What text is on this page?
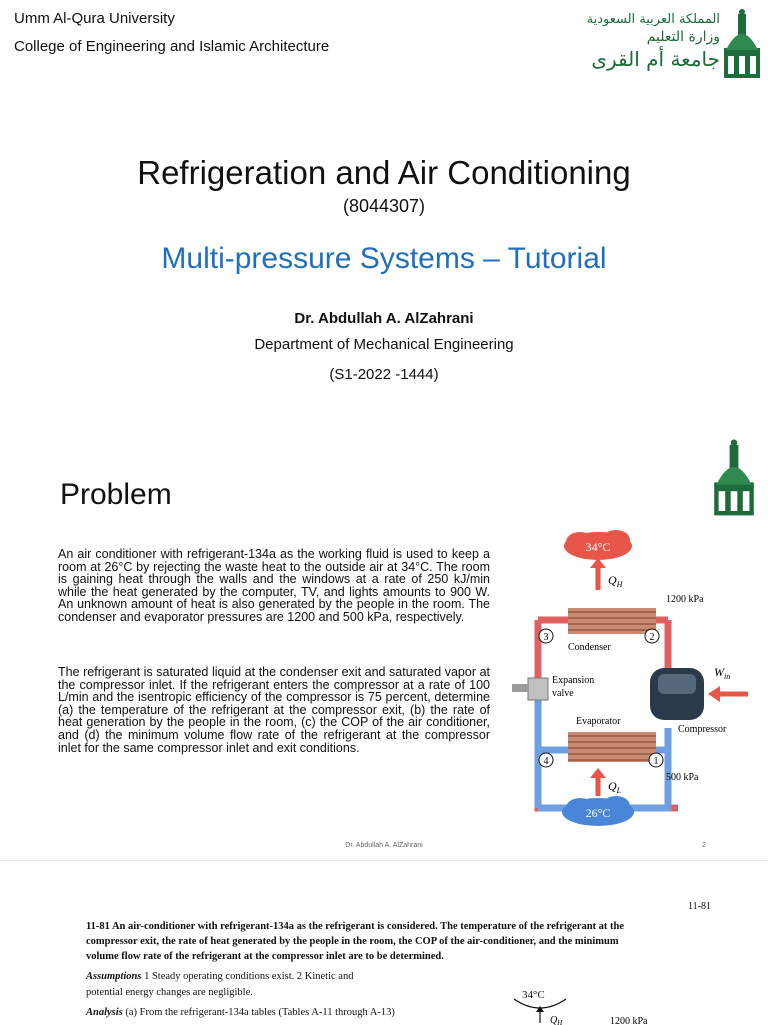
Umm Al-Qura University
College of Engineering and Islamic Architecture
المملكة العربية السعودية
وزارة التعليم
جامعة أم القرى
Refrigeration and Air Conditioning
(8044307)
Multi-pressure Systems – Tutorial
Dr. Abdullah A. AlZahrani
Department of Mechanical Engineering
(S1-2022 -1444)
Problem

An air conditioner with refrigerant-134a as the working fluid is used to keep a room at 26°C by rejecting the waste heat to the outside air at 34°C. The room is gaining heat through the walls and the windows at a rate of 250 kJ/min while the heat generated by the computer, TV, and lights amounts to 900 W. An unknown amount of heat is also generated by the people in the room. The condenser and evaporator pressures are 1200 and 500 kPa, respectively.

The refrigerant is saturated liquid at the condenser exit and saturated vapor at the compressor inlet. If the refrigerant enters the compressor at a rate of 100 L/min and the isentropic efficiency of the compressor is 75 percent, determine (a) the temperature of the refrigerant at the compressor exit, (b) the rate of heat generation by the people in the room, (c) the COP of the air conditioner, and (d) the minimum volume flow rate of the refrigerant at the compressor inlet for the same compressor inlet and exit conditions.

34°C
$Q_H$
1200 kPa
Condenser
Expansion
valve
Evaporator
Compressor
$W_{in}$
3	2
4	1
500 kPa
$Q_L$
26°C
Dr. Abdullah A. AlZahrani	2
11-81
11-81 An air-conditioner with refrigerant-134a as the refrigerant is considered. The temperature of the refrigerant at the
compressor exit, the rate of heat generated by the people in the room, the COP of the air-conditioner, and the minimum
volume flow rate of the refrigerant at the compressor inlet are to be determined.
Assumptions 1 Steady operating conditions exist. 2 Kinetic and
potential energy changes are negligible.
Analysis (a) From the refrigerant-134a tables (Tables A-11 through A-13)
34°C
$Q_H$	1200 kPa
